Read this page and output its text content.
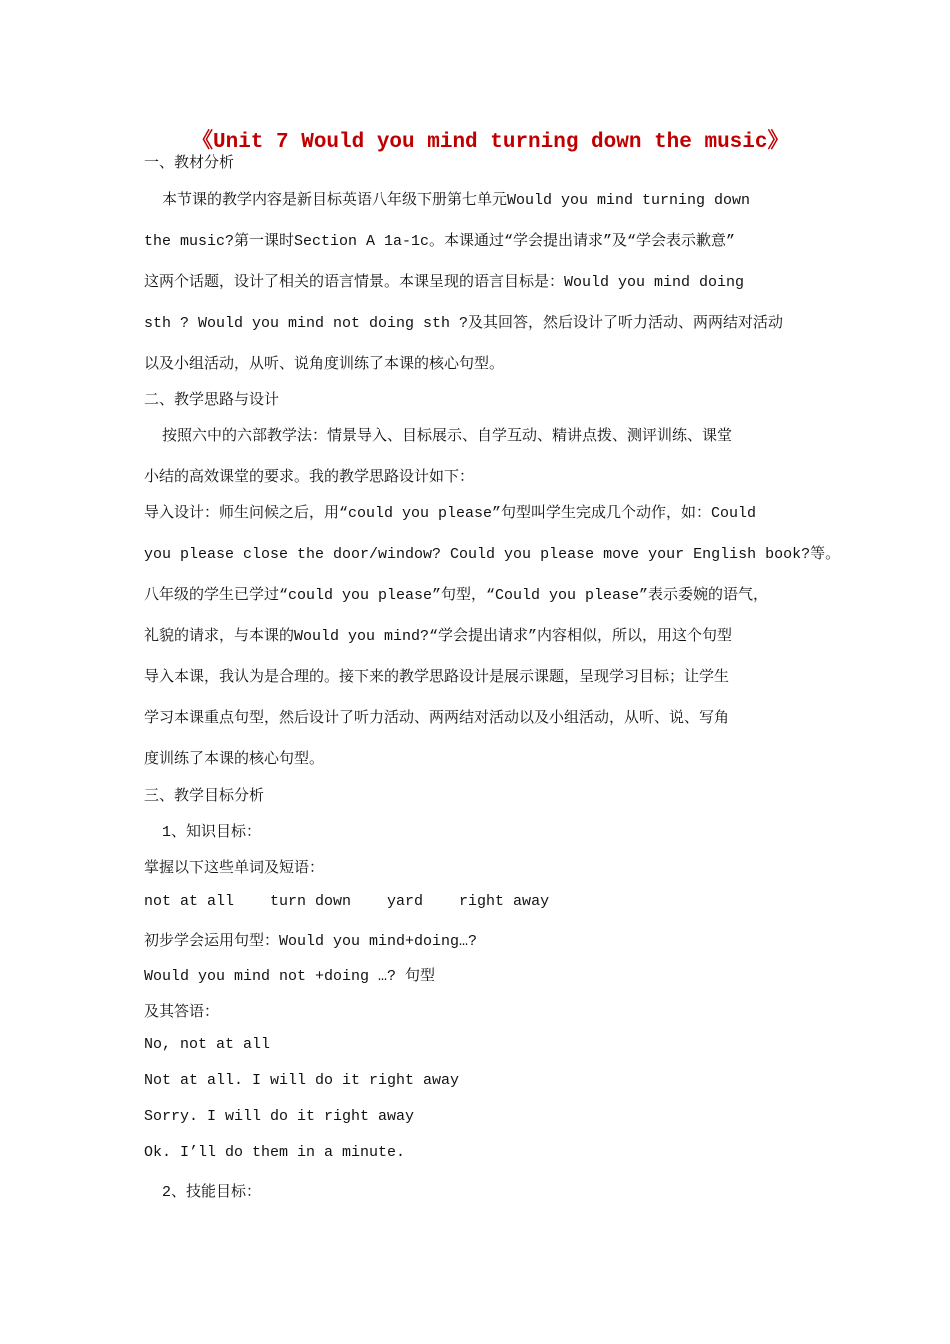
《Unit 7 Would you mind turning down the music》
一、教材分析
本节课的教学内容是新目标英语八年级下册第七单元Would you mind turning down
the music?第一课时Section A 1a-1c。本课通过“学会提出请求”及“学会表示歉意”
这两个话题，设计了相关的语言情景。本课呈现的语言目标是：Would you mind doing
sth ? Would you mind not doing sth ?及其回答，然后设计了听力活动、两两结对活动
以及小组活动，从听、说角度训练了本课的核心句型。
二、教学思路与设计
按照六中的六部教学法：情景导入、目标展示、自学互动、精讲点拨、测评训练、课堂
小结的高效课堂的要求。我的教学思路设计如下：
导入设计：师生问候之后，用“could you please”句型叫学生完成几个动作，如：Could
you please close the door/window? Could you please move your English book?等。
八年级的学生已学过“could you please”句型，“Could you please”表示委婉的语气，
礼貌的请求，与本课的Would you mind?“学会提出请求”内容相似，所以，用这个句型
导入本课，我认为是合理的。接下来的教学思路设计是展示课题，呈现学习目标；让学生
学习本课重点句型，然后设计了听力活动、两两结对活动以及小组活动，从听、说、写角
度训练了本课的核心句型。
三、教学目标分析
1、知识目标：
掌握以下这些单词及短语：
not at all    turn down    yard    right away
初步学会运用句型：Would you mind+doing…?
Would you mind not +doing …? 句型
及其答语：
No, not at all
Not at all. I will do it right away
Sorry. I will do it right away
Ok. I’ll do them in a minute.
2、技能目标：
